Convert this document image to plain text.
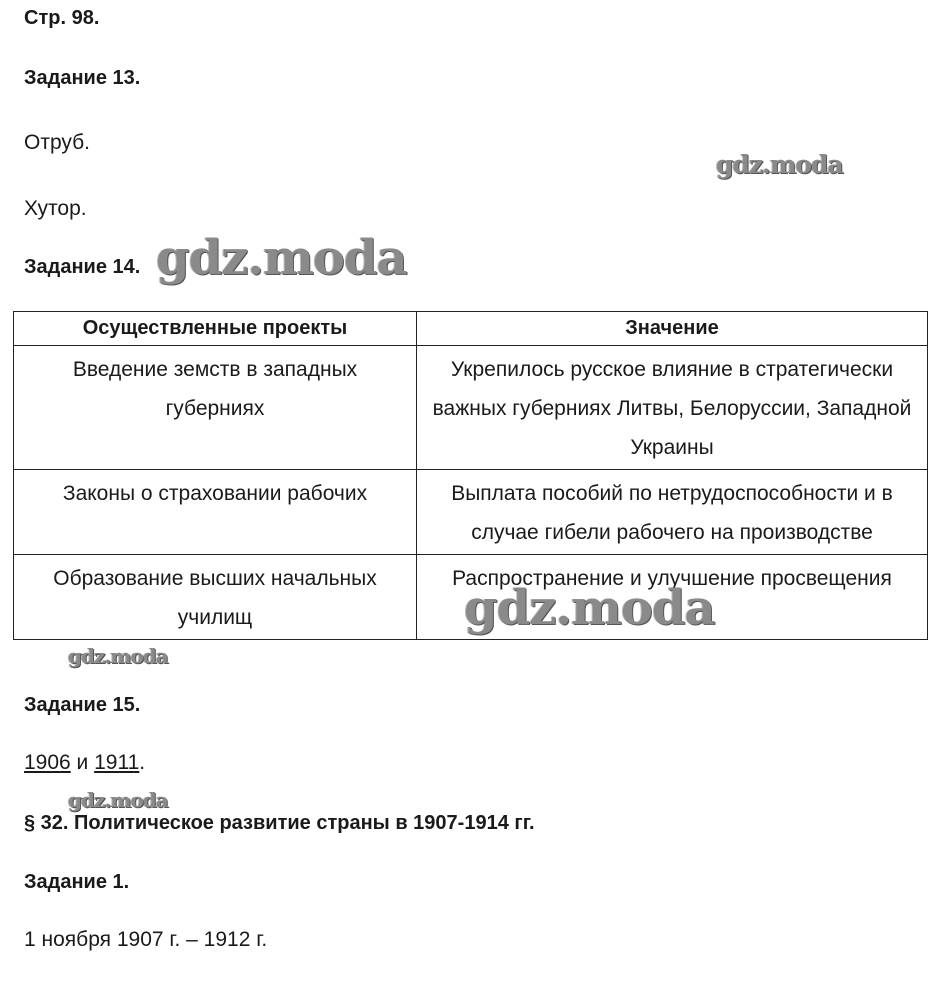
Стр. 98.
Задание 13.
Отруб.
Хутор.
Задание 14.
Осуществленные проекты	Значение
Введение земств в западных губерниях	Укрепилось русское влияние в стратегически важных губерниях Литвы, Белоруссии, Западной Украины
Законы о страховании рабочих	Выплата пособий по нетрудоспособности и в случае гибели рабочего на производстве
Образование высших начальных училищ	Распространение и улучшение просвещения
Задание 15.
1906 и 1911.
§ 32. Политическое развитие страны в 1907-1914 гг.
Задание 1.
1 ноября 1907 г. – 1912 г.
gdz.moda
gdz.moda
gdz.moda
gdz.moda
gdz.moda
